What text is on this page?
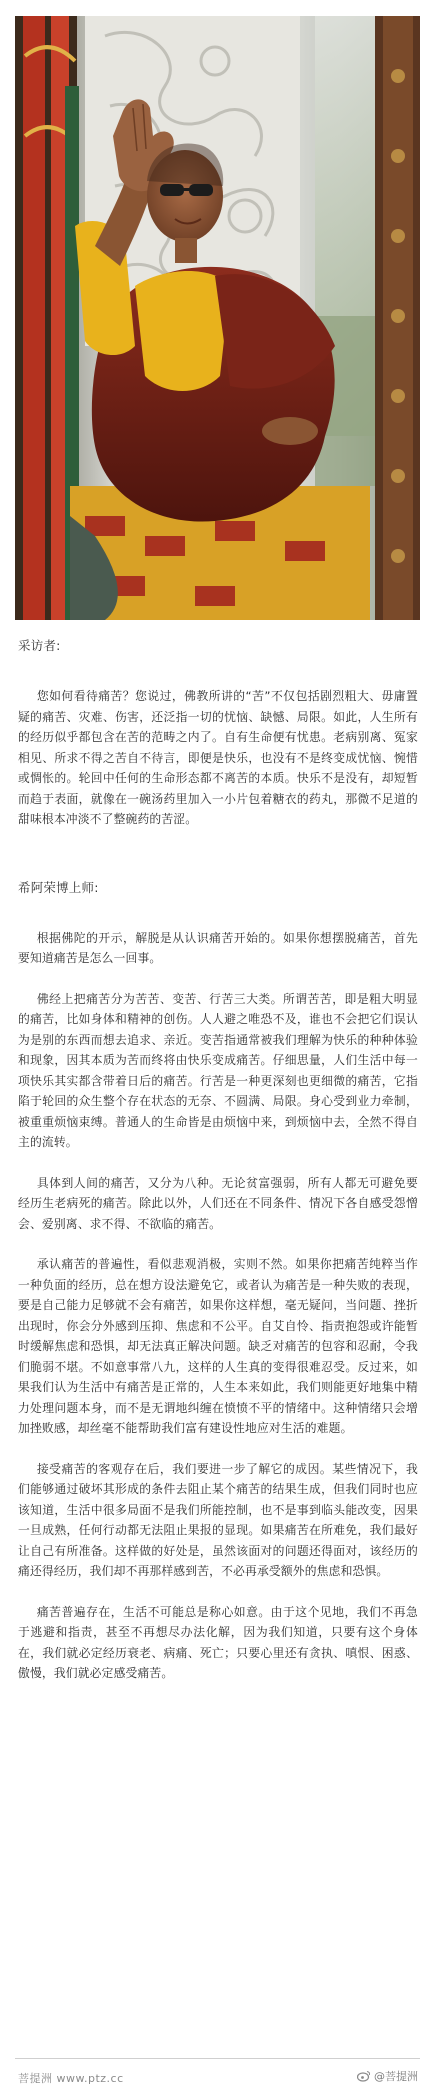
采访者:

您如何看待痛苦？您说过，佛教所讲的“苦”不仅包括剧烈粗大、毋庸置疑的痛苦、灾难、伤害，还泛指一切的忧恼、缺憾、局限。如此，人生所有的经历似乎都包含在苦的范畴之内了。自有生命便有忧患。老病别离、冤家相见、所求不得之苦自不待言，即便是快乐，也没有不是终变成忧恼、惋惜或惆怅的。轮回中任何的生命形态都不离苦的本质。快乐不是没有，却短暂而趋于表面，就像在一碗汤药里加入一小片包着糖衣的药丸，那微不足道的甜味根本冲淡不了整碗药的苦涩。

希阿荣博上师:

根据佛陀的开示，解脱是从认识痛苦开始的。如果你想摆脱痛苦，首先要知道痛苦是怎么一回事。

佛经上把痛苦分为苦苦、变苦、行苦三大类。所谓苦苦，即是粗大明显的痛苦，比如身体和精神的创伤。人人避之唯恐不及，谁也不会把它们误认为是别的东西而想去追求、亲近。变苦指通常被我们理解为快乐的种种体验和现象，因其本质为苦而终将由快乐变成痛苦。仔细思量，人们生活中每一项快乐其实都含带着日后的痛苦。行苦是一种更深刻也更细微的痛苦，它指陷于轮回的众生整个存在状态的无奈、不圆满、局限。身心受到业力牵制，被重重烦恼束缚。普通人的生命皆是由烦恼中来，到烦恼中去，全然不得自主的流转。

具体到人间的痛苦，又分为八种。无论贫富强弱，所有人都无可避免要经历生老病死的痛苦。除此以外，人们还在不同条件、情况下各自感受怨憎会、爱别离、求不得、不欲临的痛苦。

承认痛苦的普遍性，看似悲观消极，实则不然。如果你把痛苦纯粹当作一种负面的经历，总在想方设法避免它，或者认为痛苦是一种失败的表现，要是自己能力足够就不会有痛苦，如果你这样想，毫无疑问，当问题、挫折出现时，你会分外感到压抑、焦虑和不公平。自艾自怜、指责抱怨或许能暂时缓解焦虑和恐惧，却无法真正解决问题。缺乏对痛苦的包容和忍耐，令我们脆弱不堪。不如意事常八九，这样的人生真的变得很难忍受。反过来，如果我们认为生活中有痛苦是正常的，人生本来如此，我们则能更好地集中精力处理问题本身，而不是无谓地纠缠在愤愤不平的情绪中。这种情绪只会增加挫败感，却丝毫不能帮助我们富有建设性地应对生活的难题。

接受痛苦的客观存在后，我们要进一步了解它的成因。某些情况下，我们能够通过破坏其形成的条件去阻止某个痛苦的结果生成，但我们同时也应该知道，生活中很多局面不是我们所能控制，也不是事到临头能改变，因果一旦成熟，任何行动都无法阻止果报的显现。如果痛苦在所难免，我们最好让自己有所准备。这样做的好处是，虽然该面对的问题还得面对，该经历的痛还得经历，我们却不再那样感到苦，不必再承受额外的焦虑和恐惧。

痛苦普遍存在，生活不可能总是称心如意。由于这个见地，我们不再急于逃避和指责，甚至不再想尽办法化解，因为我们知道，只要有这个身体在，我们就必定经历衰老、病痛、死亡；只要心里还有贪执、嗔恨、困惑、傲慢，我们就必定感受痛苦。

菩提洲 www.ptz.cc	@菩提洲
